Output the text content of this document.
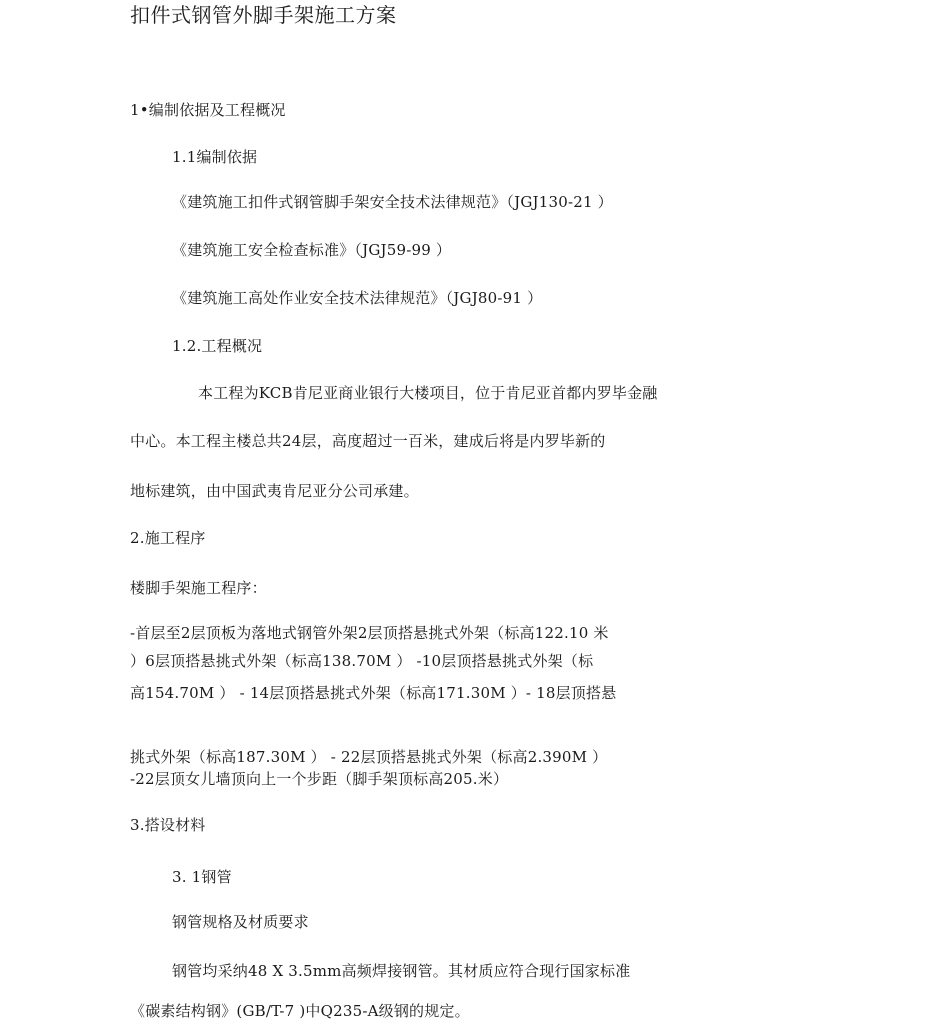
扣件式钢管外脚手架施工方案
1•编制依据及工程概况
1.1编制依据
《建筑施工扣件式钢管脚手架安全技术法律规范》（JGJ130-21 ）
《建筑施工安全检查标准》（JGJ59-99 ）
《建筑施工高处作业安全技术法律规范》（JGJ80-91 ）
1.2.工程概况
本工程为KCB肯尼亚商业银行大楼项目，位于肯尼亚首都内罗毕金融
中心。本工程主楼总共24层，高度超过一百米，建成后将是内罗毕新的
地标建筑，由中国武夷肯尼亚分公司承建。
2.施工程序
楼脚手架施工程序：
-首层至2层顶板为落地式钢管外架2层顶搭悬挑式外架（标高122.10 米
）6层顶搭悬挑式外架（标高138.70M ） -10层顶搭悬挑式外架（标
高154.70M ） - 14层顶搭悬挑式外架（标高171.30M ）- 18层顶搭悬
挑式外架（标高187.30M ） - 22层顶搭悬挑式外架（标高2.390M ）
-22层顶女儿墙顶向上一个步距（脚手架顶标高205.米）
3.搭设材料
3. 1钢管
钢管规格及材质要求
钢管均采纳48 X 3.5mm高频焊接钢管。其材质应符合现行国家标准
《碳素结构钢》(GB/T-7 )中Q235-A级钢的规定。
